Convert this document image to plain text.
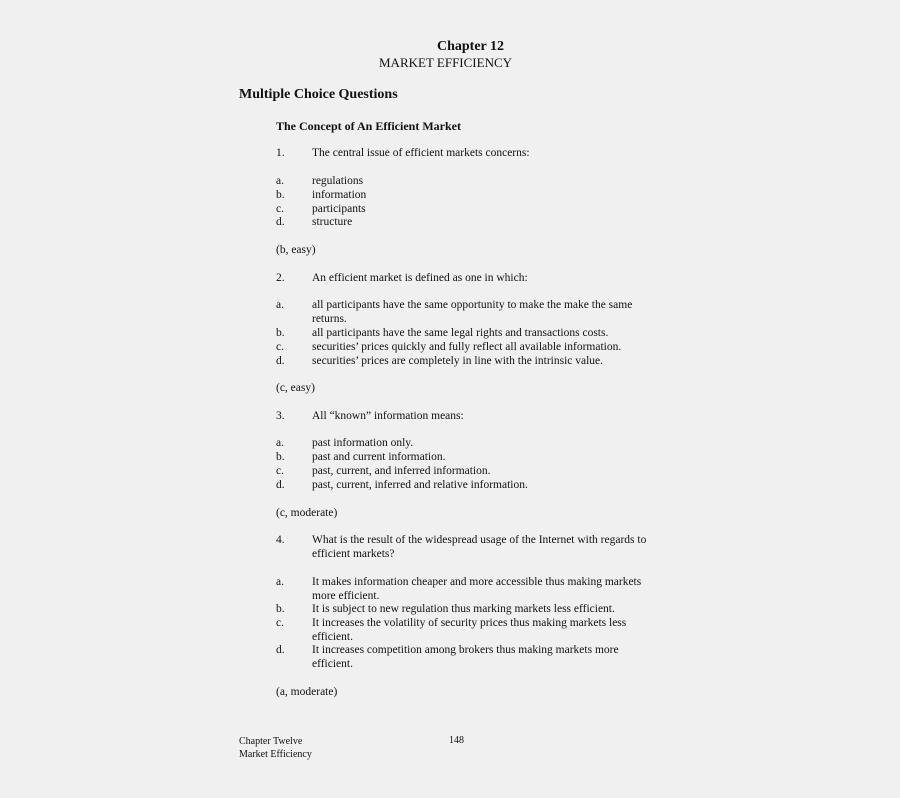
Chapter 12
MARKET EFFICIENCY
Multiple Choice Questions
The Concept of An Efficient Market
1. The central issue of efficient markets concerns:
a. regulations
b. information
c. participants
d. structure
(b, easy)
2. An efficient market is defined as one in which:
a. all participants have the same opportunity to make the make the same
returns.
b. all participants have the same legal rights and transactions costs.
c. securities’ prices quickly and fully reflect all available information.
d. securities’ prices are completely in line with the intrinsic value.
(c, easy)
3. All “known” information means:
a. past information only.
b. past and current information.
c. past, current, and inferred information.
d. past, current, inferred and relative information.
(c, moderate)
4. What is the result of the widespread usage of the Internet with regards to
efficient markets?
a. It makes information cheaper and more accessible thus making markets
more efficient.
b. It is subject to new regulation thus marking markets less efficient.
c. It increases the volatility of security prices thus making markets less
efficient.
d. It increases competition among brokers thus making markets more
efficient.
(a, moderate)
Chapter Twelve
Market Efficiency
148
